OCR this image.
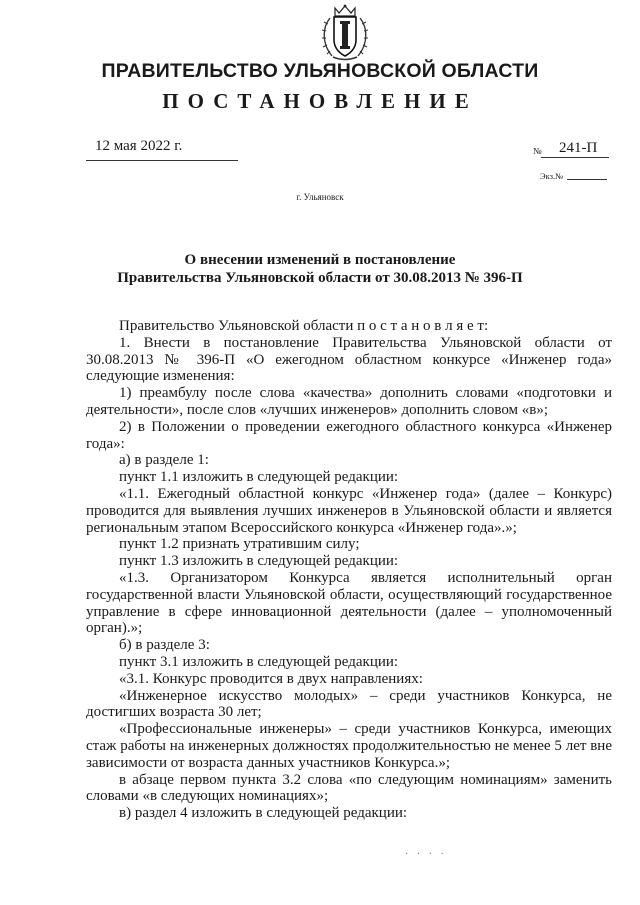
ПРАВИТЕЛЬСТВО УЛЬЯНОВСКОЙ ОБЛАСТИ
ПОСТАНОВЛЕНИЕ
12 мая 2022 г.	№ 241-П
Экз.№
г. Ульяновск
О внесении изменений в постановление
Правительства Ульяновской области от 30.08.2013 № 396-П

Правительство Ульяновской области п о с т а н о в л я е т:

1. Внести в постановление Правительства Ульяновской области от 30.08.2013 № 396-П «О ежегодном областном конкурсе «Инженер года» следующие изменения:

1) преамбулу после слова «качества» дополнить словами «подготовки и деятельности», после слов «лучших инженеров» дополнить словом «в»;

2) в Положении о проведении ежегодного областного конкурса «Инженер года»:

а) в разделе 1:

пункт 1.1 изложить в следующей редакции:

«1.1. Ежегодный областной конкурс «Инженер года» (далее – Конкурс) проводится для выявления лучших инженеров в Ульяновской области и является региональным этапом Всероссийского конкурса «Инженер года».»;

пункт 1.2 признать утратившим силу;

пункт 1.3 изложить в следующей редакции:

«1.3. Организатором Конкурса является исполнительный орган государственной власти Ульяновской области, осуществляющий государственное управление в сфере инновационной деятельности (далее – уполномоченный орган).»;

б) в разделе 3:

пункт 3.1 изложить в следующей редакции:

«3.1. Конкурс проводится в двух направлениях:

«Инженерное искусство молодых» – среди участников Конкурса, не достигших возраста 30 лет;

«Профессиональные инженеры» – среди участников Конкурса, имеющих стаж работы на инженерных должностях продолжительностью не менее 5 лет вне зависимости от возраста данных участников Конкурса.»;

в абзаце первом пункта 3.2 слова «по следующим номинациям» заменить словами «в следующих номинациях»;

в) раздел 4 изложить в следующей редакции:

· · · ·
